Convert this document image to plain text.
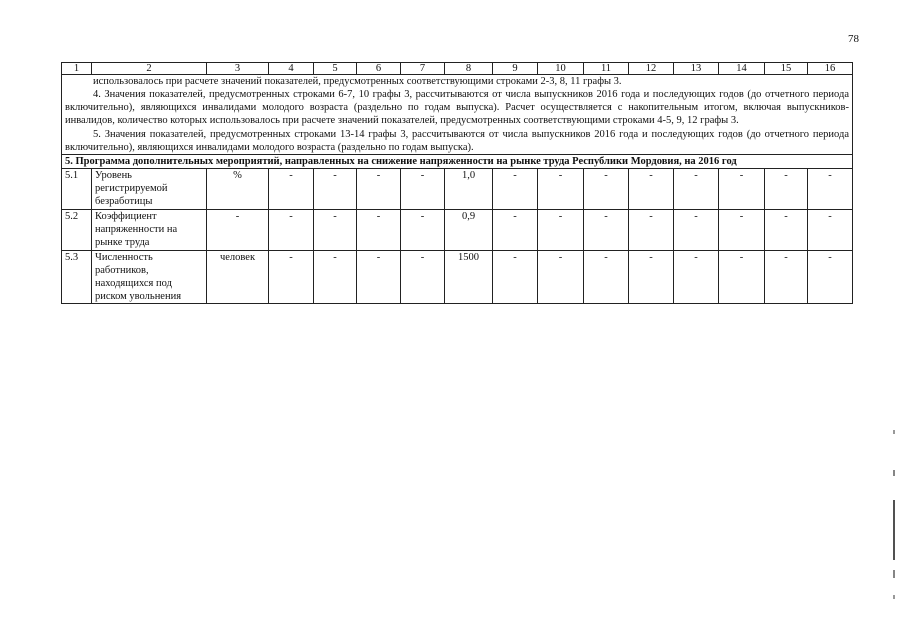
78
1	2	3	4	5	6	7	8	9	10	11	12	13	14	15	16

использовалось при расчете значений показателей, предусмотренных соответствующими строками 2-3, 8, 11 графы 3.

4. Значения показателей, предусмотренных строками 6-7, 10 графы 3, рассчитываются от числа выпускников 2016 года и последующих годов (до отчетного периода включительно), являющихся инвалидами молодого возраста (раздельно по годам выпуска). Расчет осуществляется с накопительным итогом, включая выпускников-инвалидов, количество которых использовалось при расчете значений показателей, предусмотренных соответствующими строками 4-5, 9, 12 графы 3.

5. Значения показателей, предусмотренных строками 13-14 графы 3, рассчитываются от числа выпускников 2016 года и последующих годов (до отчетного периода включительно), являющихся инвалидами молодого возраста (раздельно по годам выпуска).															

5. Программа дополнительных мероприятий, направленных на снижение напряженности на рынке труда Республики Мордовия, на 2016 год															
5.1	Уровень регистрируемой безработицы	%	-	-	-	-	1,0	-	-	-	-	-	-	-	-
5.2	Коэффициент напряженности на рынке труда	-	-	-	-	-	0,9	-	-	-	-	-	-	-	-
5.3	Численность работников, находящихся под риском увольнения	человек	-	-	-	-	1500	-	-	-	-	-	-	-	-
